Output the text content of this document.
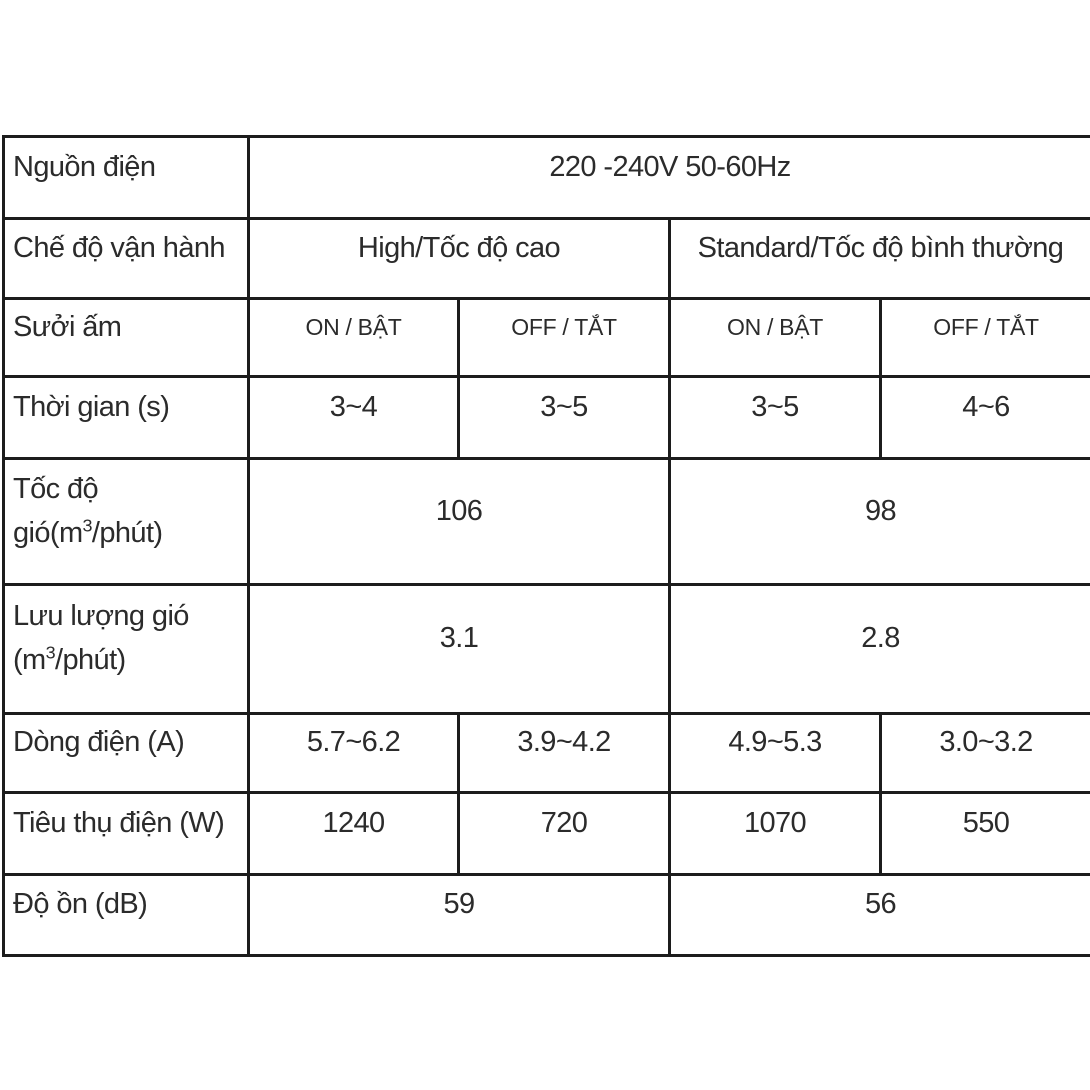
Nguồn điện	220 -240V 50-60Hz			
Chế độ vận hành	High/Tốc độ cao		Standard/Tốc độ bình thường	
Sưởi ấm	ON / BẬT	OFF / TẮT	ON / BẬT	OFF / TẮT
Thời gian (s)	3~4	3~5	3~5	4~6

Tốc độ
$gió(m^3/phút)$	106		98	

Lưu lượng gió
$(m^3/phút)$	3.1		2.8	
Dòng điện (A)	5.7~6.2	3.9~4.2	4.9~5.3	3.0~3.2
Tiêu thụ điện (W)	1240	720	1070	550
Độ ồn (dB)	59		56	
